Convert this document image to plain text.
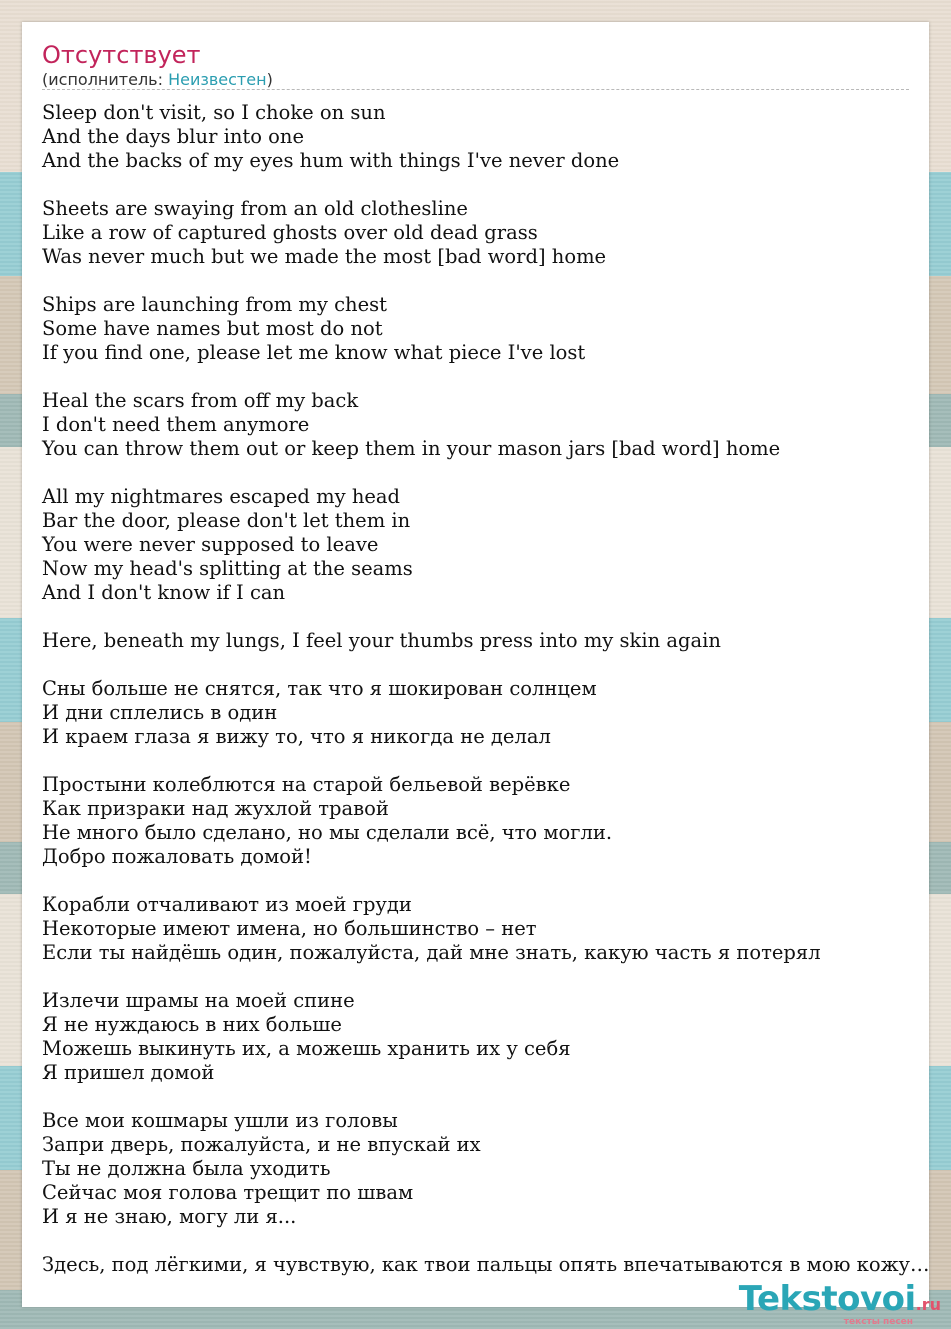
Отсутствует
(исполнитель: Неизвестен)
Sleep don't visit, so I choke on sun
And the days blur into one
And the backs of my eyes hum with things I've never done
Sheets are swaying from an old clothesline
Like a row of captured ghosts over old dead grass
Was never much but we made the most [bad word] home
Ships are launching from my chest
Some have names but most do not
If you find one, please let me know what piece I've lost
Heal the scars from off my back
I don't need them anymore
You can throw them out or keep them in your mason jars [bad word] home
All my nightmares escaped my head
Bar the door, please don't let them in
You were never supposed to leave
Now my head's splitting at the seams
And I don't know if I can
Here, beneath my lungs, I feel your thumbs press into my skin again
Сны больше не снятся, так что я шокирован солнцем
И дни сплелись в один
И краем глаза я вижу то, что я никогда не делал
Простыни колеблются на старой бельевой верёвке
Как призраки над жухлой травой
Не много было сделано, но мы сделали всё, что могли.
Добро пожаловать домой!
Корабли отчаливают из моей груди
Некоторые имеют имена, но большинство – нет
Если ты найдёшь один, пожалуйста, дай мне знать, какую часть я потерял
Излечи шрамы на моей спине
Я не нуждаюсь в них больше
Можешь выкинуть их, а можешь хранить их у себя
Я пришел домой
Все мои кошмары ушли из головы
Запри дверь, пожалуйста, и не впускай их
Ты не должна была уходить
Сейчас моя голова трещит по швам
И я не знаю, могу ли я...
Здесь, под лёгкими, я чувствую, как твои пальцы опять впечатываются в мою кожу…
Tekstovoi.ru
тексты песен
